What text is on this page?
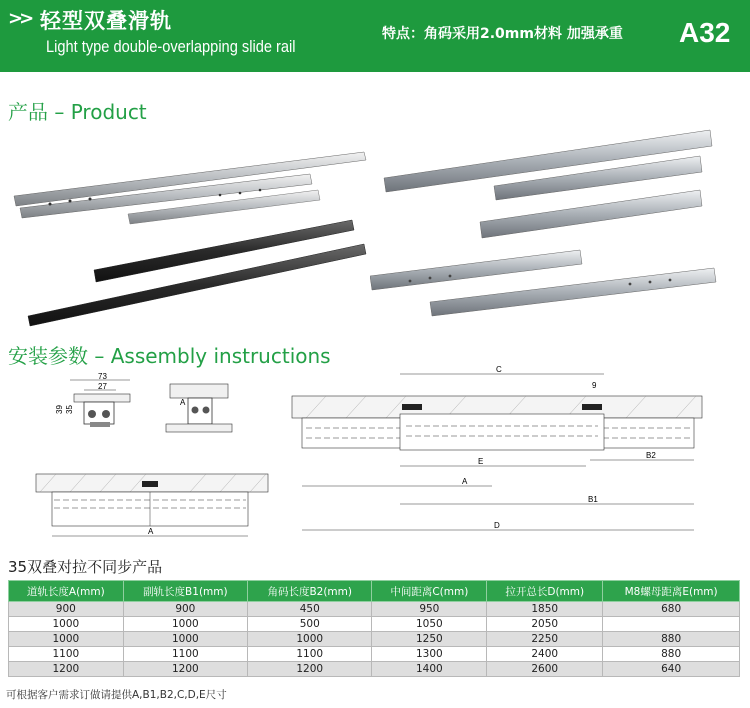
>> 轻型双叠滑轨
Light type double-overlapping slide rail
特点：角码采用2.0mm材料 加强承重 A32
产品 – Product
安装参数 – Assembly instructions
73
27
39 35
A
A
C
9
E
B2
A
B1
D
35双叠对拉不同步产品
道轨长度A(mm)	副轨长度B1(mm)	角码长度B2(mm)	中间距离C(mm)	拉开总长D(mm)	M8螺母距离E(mm)
900	900	450	950	1850	680
1000	1000	500	1050	2050	
1000	1000	1000	1250	2250	880
1100	1100	1100	1300	2400	880
1200	1200	1200	1400	2600	640
可根据客户需求订做请提供A,B1,B2,C,D,E尺寸
